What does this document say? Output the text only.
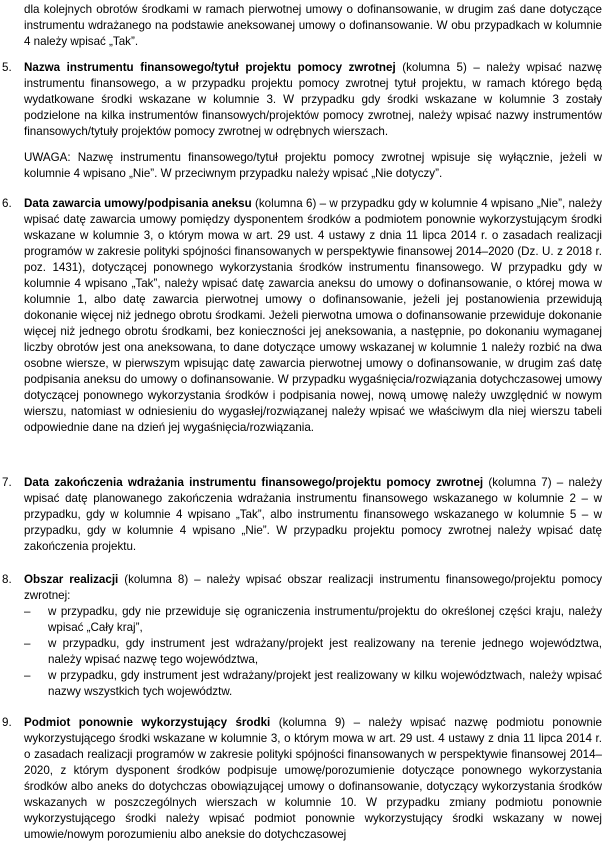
dla kolejnych obrotów środkami w ramach pierwotnej umowy o dofinansowanie, w drugim zaś dane dotyczące instrumentu wdrażanego na podstawie aneksowanej umowy o dofinansowanie. W obu przypadkach w kolumnie 4 należy wpisać „Tak”.

5.	Nazwa instrumentu finansowego/tytuł projektu pomocy zwrotnej (kolumna 5) – należy wpisać nazwę instrumentu finansowego, a w przypadku projektu pomocy zwrotnej tytuł projektu, w ramach którego będą wydatkowane środki wskazane w kolumnie 3. W przypadku gdy środki wskazane w kolumnie 3 zostały podzielone na kilka instrumentów finansowych/projektów pomocy zwrotnej, należy wpisać nazwy instrumentów finansowych/tytuły projektów pomocy zwrotnej w odrębnych wierszach.

UWAGA: Nazwę instrumentu finansowego/tytuł projektu pomocy zwrotnej wpisuje się wyłącznie, jeżeli w kolumnie 4 wpisano „Nie”. W przeciwnym przypadku należy wpisać „Nie dotyczy”.

6.	Data zawarcia umowy/podpisania aneksu (kolumna 6) – w przypadku gdy w kolumnie 4 wpisano „Nie”, należy wpisać datę zawarcia umowy pomiędzy dysponentem środków a podmiotem ponownie wykorzystującym środki wskazane w kolumnie 3, o którym mowa w art. 29 ust. 4 ustawy z dnia 11 lipca 2014 r. o zasadach realizacji programów w zakresie polityki spójności finansowanych w perspektywie finansowej 2014–2020 (Dz. U. z 2018 r. poz. 1431), dotyczącej ponownego wykorzystania środków instrumentu finansowego. W przypadku gdy w kolumnie 4 wpisano „Tak”, należy wpisać datę zawarcia aneksu do umowy o dofinansowanie, o której mowa w kolumnie 1, albo datę zawarcia pierwotnej umowy o dofinansowanie, jeżeli jej postanowienia przewidują dokonanie więcej niż jednego obrotu środkami. Jeżeli pierwotna umowa o dofinansowanie przewiduje dokonanie więcej niż jednego obrotu środkami, bez konieczności jej aneksowania, a następnie, po dokonaniu wymaganej liczby obrotów jest ona aneksowana, to dane dotyczące umowy wskazanej w kolumnie 1 należy rozbić na dwa osobne wiersze, w pierwszym wpisując datę zawarcia pierwotnej umowy o dofinansowanie, w drugim zaś datę podpisania aneksu do umowy o dofinansowanie. W przypadku wygaśnięcia/rozwiązania dotychczasowej umowy dotyczącej ponownego wykorzystania środków i podpisania nowej, nową umowę należy uwzględnić w nowym wierszu, natomiast w odniesieniu do wygasłej/rozwiązanej należy wpisać we właściwym dla niej wierszu tabeli odpowiednie dane na dzień jej wygaśnięcia/rozwiązania.
7.	Data zakończenia wdrażania instrumentu finansowego/projektu pomocy zwrotnej (kolumna 7) – należy wpisać datę planowanego zakończenia wdrażania instrumentu finansowego wskazanego w kolumnie 2 – w przypadku, gdy w kolumnie 4 wpisano „Tak”, albo instrumentu finansowego wskazanego w kolumnie 5 – w przypadku, gdy w kolumnie 4 wpisano „Nie”. W przypadku projektu pomocy zwrotnej należy wpisać datę zakończenia projektu.
8.	Obszar realizacji (kolumna 8) – należy wpisać obszar realizacji instrumentu finansowego/projektu pomocy zwrotnej:
– w przypadku, gdy nie przewiduje się ograniczenia instrumentu/projektu do określonej części kraju, należy wpisać „Cały kraj”,
– w przypadku, gdy instrument jest wdrażany/projekt jest realizowany na terenie jednego województwa, należy wpisać nazwę tego województwa,
– w przypadku, gdy instrument jest wdrażany/projekt jest realizowany w kilku województwach, należy wpisać nazwy wszystkich tych województw.
9.	Podmiot ponownie wykorzystujący środki (kolumna 9) – należy wpisać nazwę podmiotu ponownie wykorzystującego środki wskazane w kolumnie 3, o którym mowa w art. 29 ust. 4 ustawy z dnia 11 lipca 2014 r. o zasadach realizacji programów w zakresie polityki spójności finansowanych w perspektywie finansowej 2014–2020, z którym dysponent środków podpisuje umowę/porozumienie dotyczące ponownego wykorzystania środków albo aneks do dotychczas obowiązującej umowy o dofinansowanie, dotyczący wykorzystania środków wskazanych w poszczególnych wierszach w kolumnie 10. W przypadku zmiany podmiotu ponownie wykorzystującego środki należy wpisać podmiot ponownie wykorzystujący środki wskazany w nowej umowie/nowym porozumieniu albo aneksie do dotychczasowej
